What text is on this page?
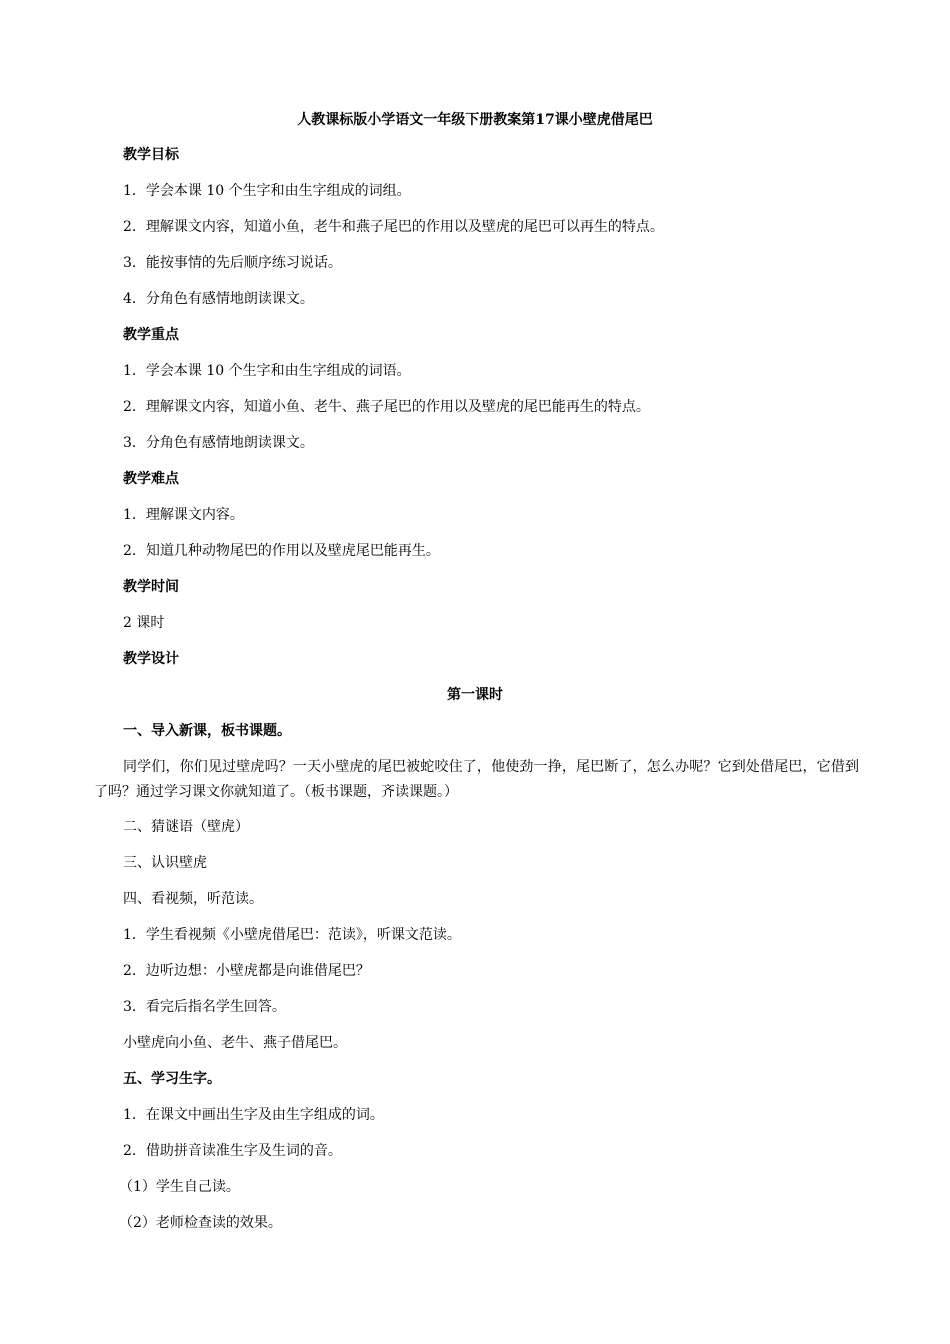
人教课标版小学语文一年级下册教案第17课小壁虎借尾巴
教学目标
1．学会本课 10 个生字和由生字组成的词组。
2．理解课文内容，知道小鱼，老牛和燕子尾巴的作用以及壁虎的尾巴可以再生的特点。
3．能按事情的先后顺序练习说话。
4．分角色有感情地朗读课文。
教学重点
1．学会本课 10 个生字和由生字组成的词语。
2．理解课文内容，知道小鱼、老牛、燕子尾巴的作用以及壁虎的尾巴能再生的特点。
3．分角色有感情地朗读课文。
教学难点
1．理解课文内容。
2．知道几种动物尾巴的作用以及壁虎尾巴能再生。
教学时间
2 课时
教学设计
第一课时
一、导入新课，板书课题。
同学们，你们见过壁虎吗？一天小壁虎的尾巴被蛇咬住了，他使劲一挣，尾巴断了，怎么办呢？它到处借尾巴，它借到了吗？通过学习课文你就知道了。（板书课题，齐读课题。）
二、猜谜语（壁虎）
三、认识壁虎
四、看视频，听范读。
1．学生看视频《小壁虎借尾巴：范读》，听课文范读。
2．边听边想：小壁虎都是向谁借尾巴？
3．看完后指名学生回答。
小壁虎向小鱼、老牛、燕子借尾巴。
五、学习生字。
1．在课文中画出生字及由生字组成的词。
2．借助拼音读准生字及生词的音。
（1）学生自己读。
（2）老师检查读的效果。
